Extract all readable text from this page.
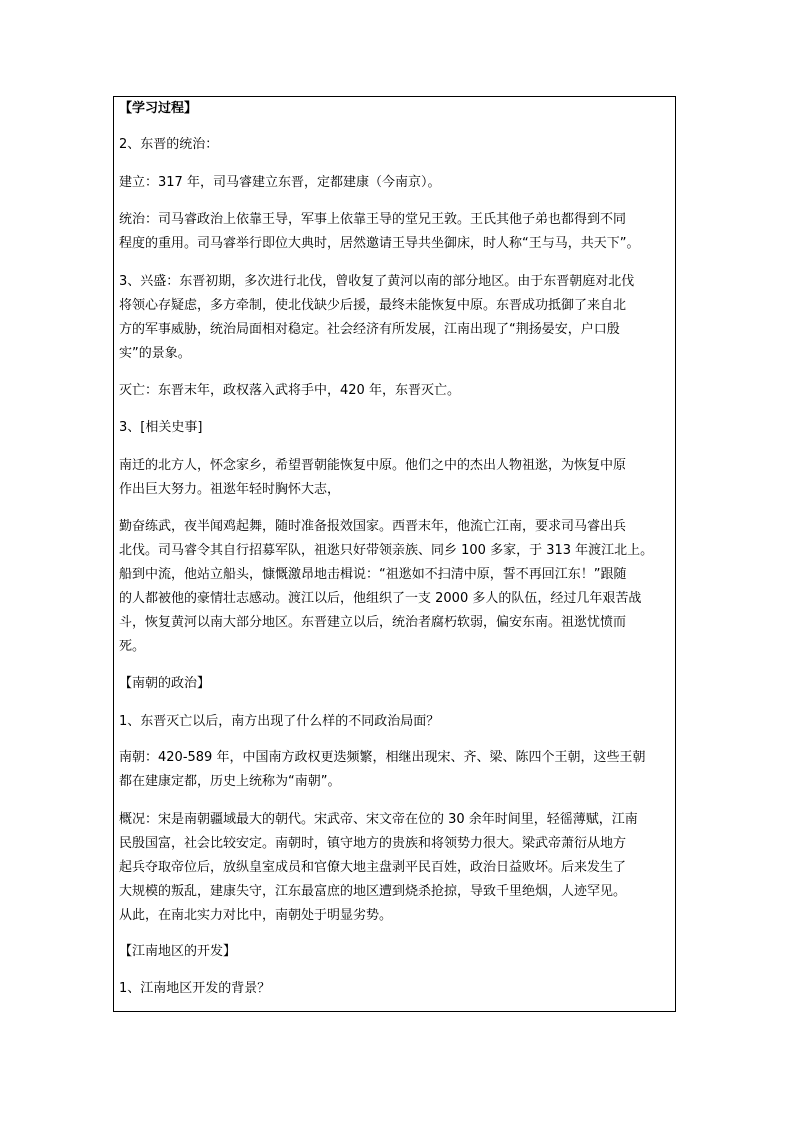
【学习过程】
2、东晋的统治：
建立：317 年，司马睿建立东晋，定都建康（今南京）。
统治：司马睿政治上依靠王导，军事上依靠王导的堂兄王敦。王氏其他子弟也都得到不同
程度的重用。司马睿举行即位大典时，居然邀请王导共坐御床，时人称“王与马，共天下”。
3、兴盛：东晋初期，多次进行北伐，曾收复了黄河以南的部分地区。由于东晋朝庭对北伐
将领心存疑虑，多方牵制，使北伐缺少后援，最终未能恢复中原。东晋成功抵御了来自北
方的军事威胁，统治局面相对稳定。社会经济有所发展，江南出现了“荆扬晏安，户口殷
实”的景象。
灭亡：东晋末年，政权落入武将手中，420 年，东晋灭亡。
3、[相关史事]
南迁的北方人，怀念家乡，希望晋朝能恢复中原。他们之中的杰出人物祖逖，为恢复中原
作出巨大努力。祖逖年轻时胸怀大志，
勤奋练武，夜半闻鸡起舞，随时准备报效国家。西晋末年，他流亡江南，要求司马睿出兵
北伐。司马睿令其自行招募军队，祖逖只好带领亲族、同乡 100 多家，于 313 年渡江北上。
船到中流，他站立船头，慷慨激昂地击楫说：“祖逖如不扫清中原，誓不再回江东！”跟随
的人都被他的豪情壮志感动。渡江以后，他组织了一支 2000 多人的队伍，经过几年艰苦战
斗，恢复黄河以南大部分地区。东晋建立以后，统治者腐朽软弱，偏安东南。祖逖忧愤而
死。
【南朝的政治】
1、东晋灭亡以后，南方出现了什么样的不同政治局面？
南朝：420-589 年，中国南方政权更迭频繁，相继出现宋、齐、梁、陈四个王朝，这些王朝
都在建康定都，历史上统称为“南朝”。
概况：宋是南朝疆域最大的朝代。宋武帝、宋文帝在位的 30 余年时间里，轻徭薄赋，江南
民殷国富，社会比较安定。南朝时，镇守地方的贵族和将领势力很大。梁武帝萧衍从地方
起兵夺取帝位后，放纵皇室成员和官僚大地主盘剥平民百姓，政治日益败坏。后来发生了
大规模的叛乱，建康失守，江东最富庶的地区遭到烧杀抢掠，导致千里绝烟，人迹罕见。
从此，在南北实力对比中，南朝处于明显劣势。
【江南地区的开发】
1、江南地区开发的背景？
